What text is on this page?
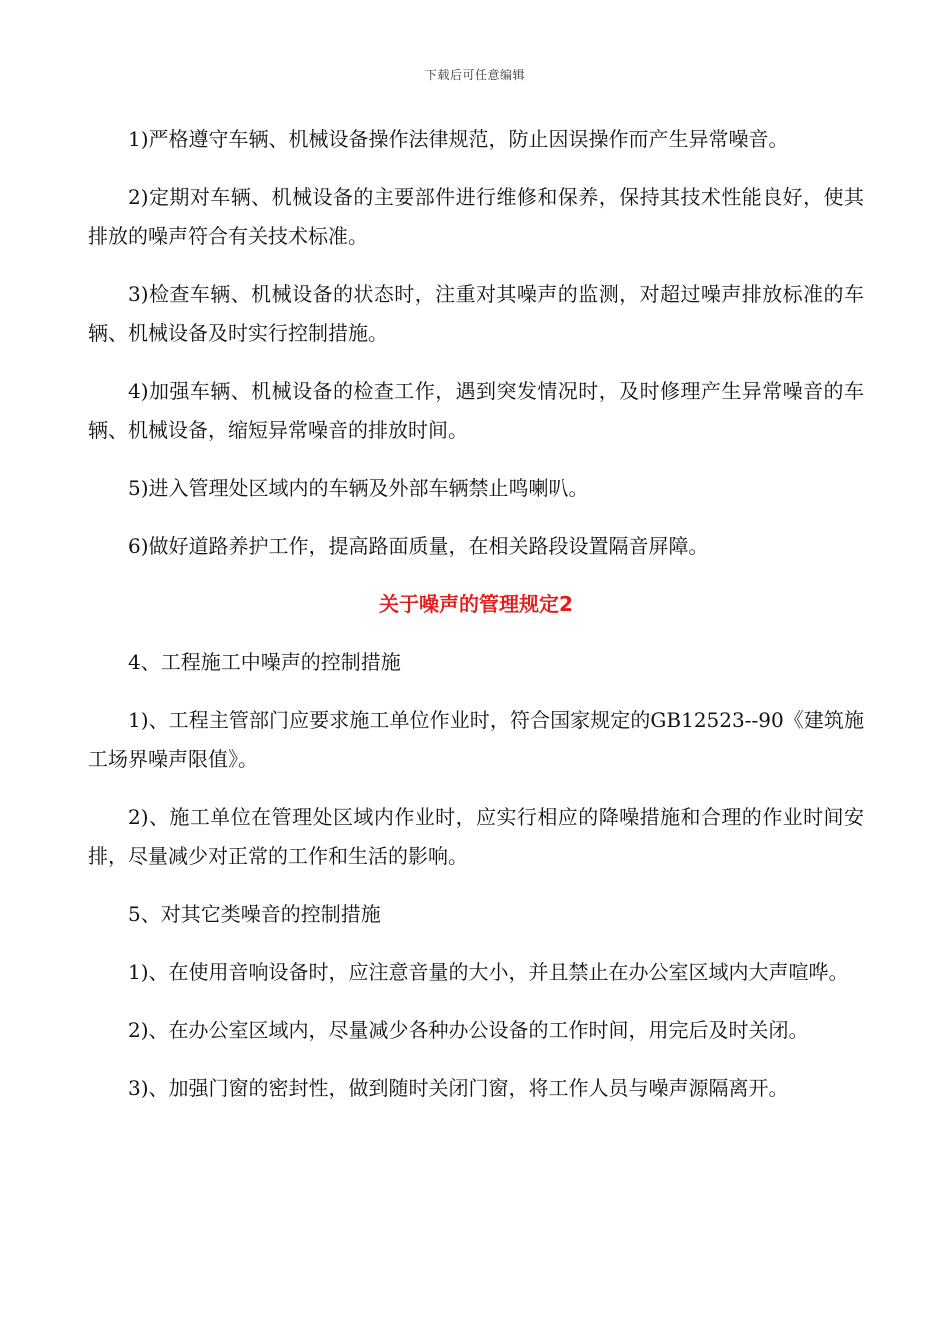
下载后可任意编辑

1)严格遵守车辆、机械设备操作法律规范，防止因误操作而产生异常噪音。

2)定期对车辆、机械设备的主要部件进行维修和保养，保持其技术性能良好，使其排放的噪声符合有关技术标准。

3)检查车辆、机械设备的状态时，注重对其噪声的监测，对超过噪声排放标准的车辆、机械设备及时实行控制措施。

4)加强车辆、机械设备的检查工作，遇到突发情况时，及时修理产生异常噪音的车辆、机械设备，缩短异常噪音的排放时间。

5)进入管理处区域内的车辆及外部车辆禁止鸣喇叭。

6)做好道路养护工作，提高路面质量，在相关路段设置隔音屏障。

关于噪声的管理规定2

4、工程施工中噪声的控制措施

1)、工程主管部门应要求施工单位作业时，符合国家规定的GB12523--90《建筑施工场界噪声限值》。

2)、施工单位在管理处区域内作业时，应实行相应的降噪措施和合理的作业时间安排，尽量减少对正常的工作和生活的影响。

5、对其它类噪音的控制措施

1)、在使用音响设备时，应注意音量的大小，并且禁止在办公室区域内大声喧哗。

2)、在办公室区域内，尽量减少各种办公设备的工作时间，用完后及时关闭。

3)、加强门窗的密封性，做到随时关闭门窗，将工作人员与噪声源隔离开。
